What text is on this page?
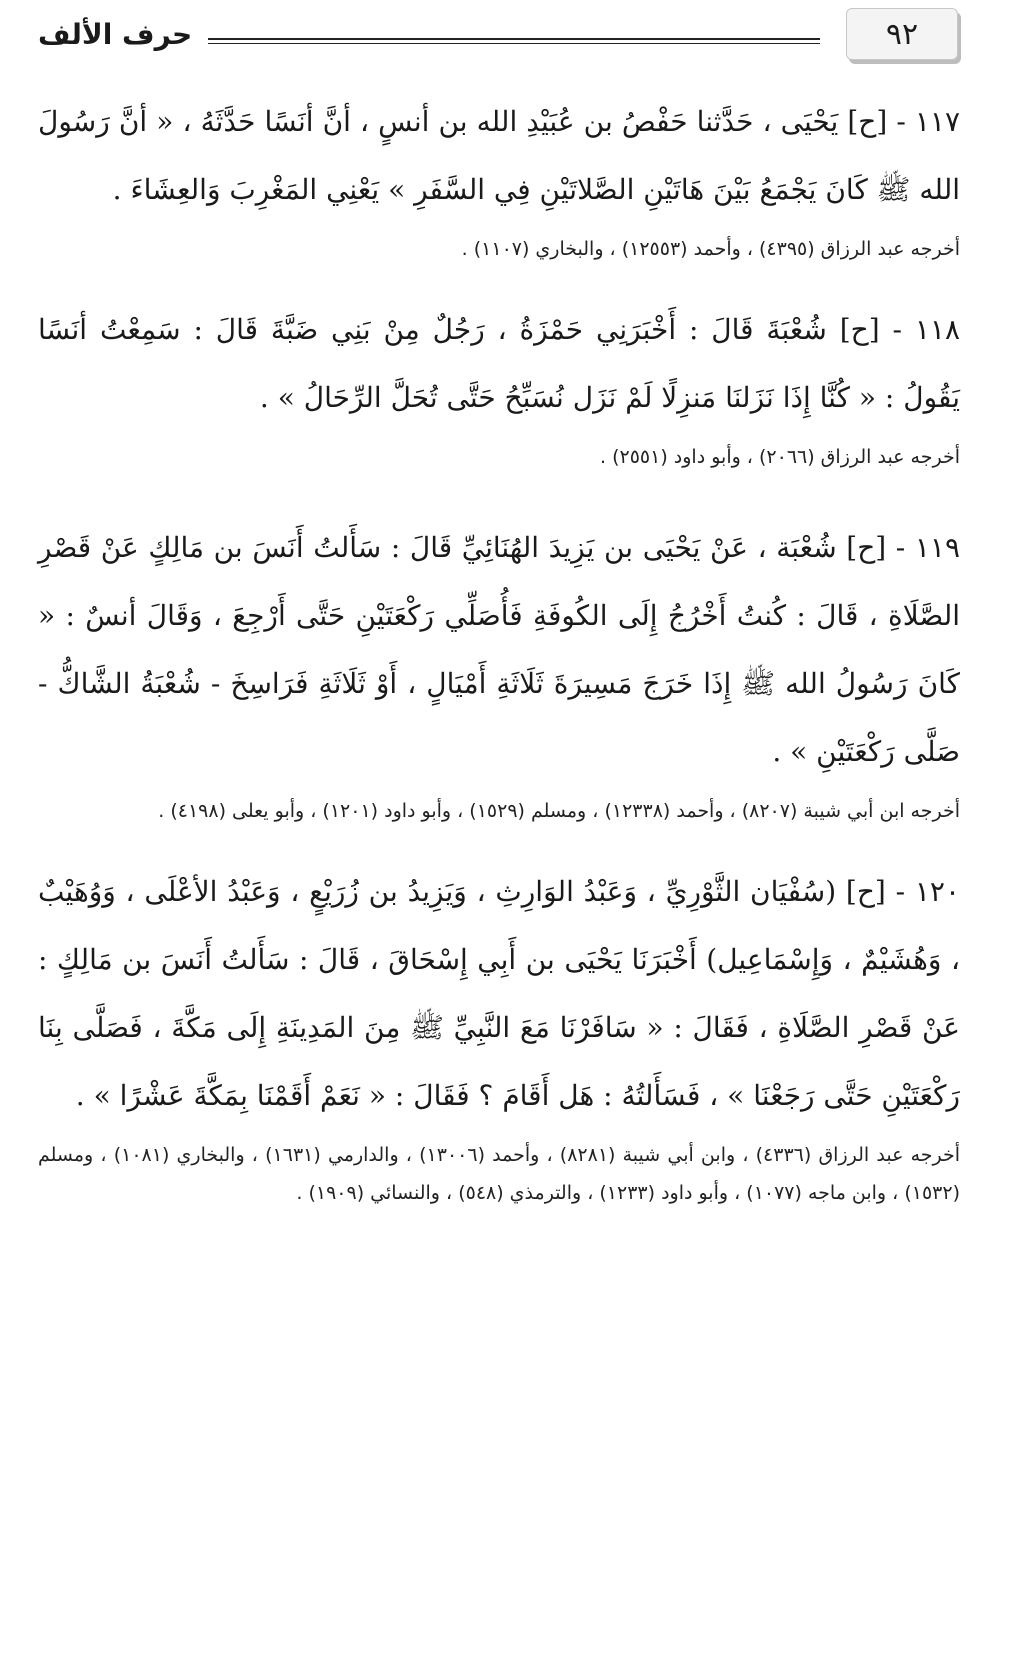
٩٢
حرف الألف

١١٧ - [ح] يَحْيَى ، حَدَّثنا حَفْصُ بن عُبَيْدِ الله بن أنسٍ ، أنَّ أنَسًا حَدَّثَهُ ، « أنَّ رَسُولَ الله ﷺ كَانَ يَجْمَعُ بَيْنَ هَاتَيْنِ الصَّلاتَيْنِ فِي السَّفَرِ » يَعْنِي المَغْرِبَ وَالعِشَاءَ .

أخرجه عبد الرزاق (٤٣٩٥) ، وأحمد (١٢٥٥٣) ، والبخاري (١١٠٧) .

١١٨ - [ح] شُعْبَةَ قَالَ : أَخْبَرَنِي حَمْزَةُ ، رَجُلٌ مِنْ بَنِي ضَبَّةَ قَالَ : سَمِعْتُ أنَسًا يَقُولُ : « كُنَّا إِذَا نَزَلنَا مَنزِلًا لَمْ نَزَل نُسَبِّحُ حَتَّى تُحَلَّ الرِّحَالُ » .

أخرجه عبد الرزاق (٢٠٦٦) ، وأبو داود (٢٥٥١) .

١١٩ - [ح] شُعْبَة ، عَنْ يَحْيَى بن يَزِيدَ الهُنَائِيِّ قَالَ : سَأَلتُ أَنَسَ بن مَالِكٍ عَنْ قَصْرِ الصَّلَاةِ ، قَالَ : كُنتُ أَخْرُجُ إِلَى الكُوفَةِ فَأُصَلِّي رَكْعَتَيْنِ حَتَّى أَرْجِعَ ، وَقَالَ أنسٌ : « كَانَ رَسُولُ الله ﷺ إِذَا خَرَجَ مَسِيرَةَ ثَلَاثَةِ أَمْيَالٍ ، أَوْ ثَلَاثَةِ فَرَاسِخَ - شُعْبَةُ الشَّاكُّ - صَلَّى رَكْعَتَيْنِ » .

أخرجه ابن أبي شيبة (٨٢٠٧) ، وأحمد (١٢٣٣٨) ، ومسلم (١٥٢٩) ، وأبو داود (١٢٠١) ، وأبو يعلى (٤١٩٨) .

١٢٠ - [ح] (سُفْيَان الثَّوْرِيِّ ، وَعَبْدُ الوَارِثِ ، وَيَزِيدُ بن زُرَيْعٍ ، وَعَبْدُ الأعْلَى ، وَوُهَيْبٌ ، وَهُشَيْمٌ ، وَإِسْمَاعِيل) أَخْبَرَنَا يَحْيَى بن أَبِي إِسْحَاقَ ، قَالَ : سَأَلتُ أَنَسَ بن مَالِكٍ : عَنْ قَصْرِ الصَّلَاةِ ، فَقَالَ : « سَافَرْنَا مَعَ النَّبِيِّ ﷺ مِنَ المَدِينَةِ إِلَى مَكَّةَ ، فَصَلَّى بِنَا رَكْعَتَيْنِ حَتَّى رَجَعْنَا » ، فَسَأَلتُهُ : هَل أَقَامَ ؟ فَقَالَ : « نَعَمْ أَقَمْنَا بِمَكَّةَ عَشْرًا » .

أخرجه عبد الرزاق (٤٣٣٦) ، وابن أبي شيبة (٨٢٨١) ، وأحمد (١٣٠٠٦) ، والدارمي (١٦٣١) ، والبخاري (١٠٨١) ، ومسلم (١٥٣٢) ، وابن ماجه (١٠٧٧) ، وأبو داود (١٢٣٣) ، والترمذي (٥٤٨) ، والنسائي (١٩٠٩) .
